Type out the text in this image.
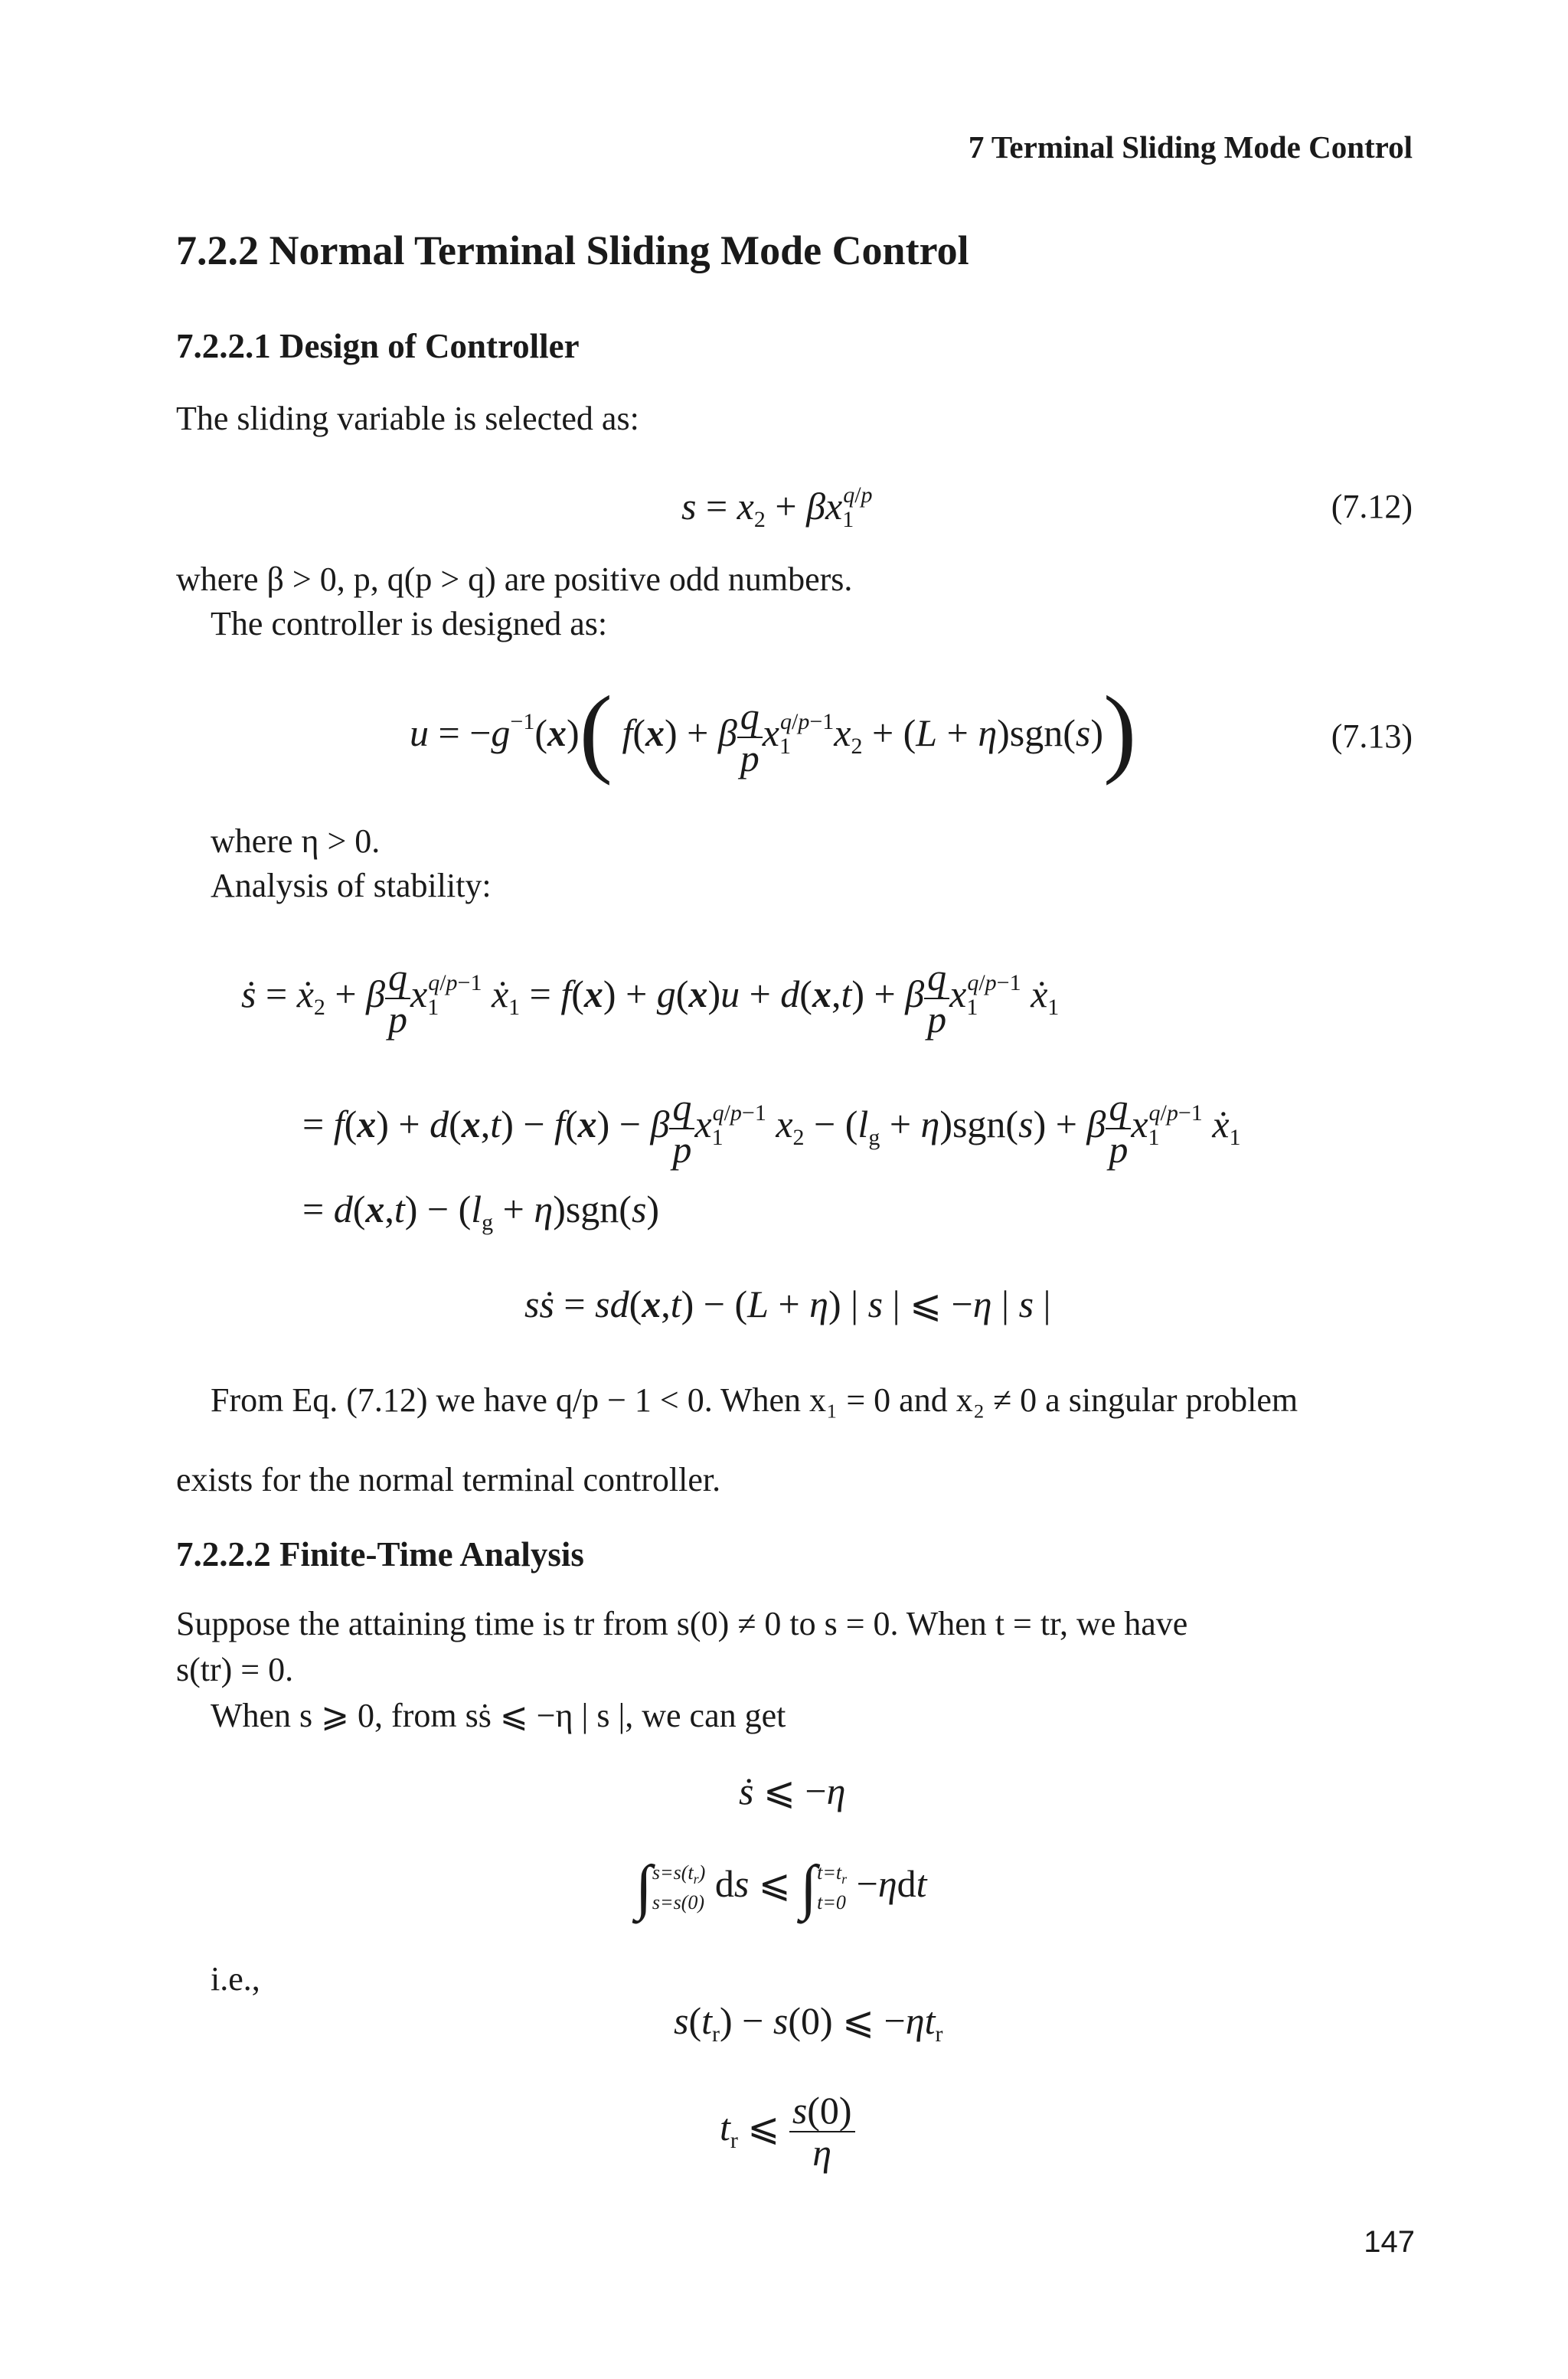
7 Terminal Sliding Mode Control
7.2.2 Normal Terminal Sliding Mode Control
7.2.2.1 Design of Controller
The sliding variable is selected as:
$s = x_2 + \beta x_1^{q/p}$	(7.12)
where β > 0, p, q(p > q) are positive odd numbers.
The controller is designed as:
$u = -g^{-1}(x)$( f(x) + β $\frac{q}{p} x_1^{q/p-1}x_2 + (L + \eta)sgn(s)$)	(7.13)
where η > 0.
Analysis of stability:
ṡ = ẋ$_2$ + β $\frac{q}{p} x_1^{q/p-1}$ ẋ$_1$ = f(x) + g(x)u + d(x,t) + β $\frac{q}{p} x_1^{q/p-1}$ ẋ$_1$
= f(x) + d(x,t) − f(x) − β $\frac{q}{p} x_1^{q/p-1}$ $x_2 - (l_g + \eta)sgn(s) + \beta \frac{q}{p} x_1^{q/p-1}$ ẋ$_1$
= $d(x,t) - (l_g + \eta)sgn(s)$
sṡ = sd(x,t) − (L + η) | s | ⩽ −η | s |
From Eq. (7.12) we have q/p − 1 < 0. When x₁ = 0 and x₂ ≠ 0 a singular problem
exists for the normal terminal controller.
7.2.2.2 Finite-Time Analysis
Suppose the attaining time is tr from s(0) ≠ 0 to s = 0. When t = tr, we have
s(tr) = 0.
When s ⩾ 0, from sṡ ⩽ −η | s |, we can get
ṡ ⩽ −η
∫ $s=s(t_r)$
s=s(0) ds ⩽ ∫ $t=t_r$
t=0 −ηdt
i.e.,
$s(t_r) - s(0)$ ⩽ $-\eta t_r$
$t_r$ ⩽ $\frac{s(0)}{\eta}$
147
